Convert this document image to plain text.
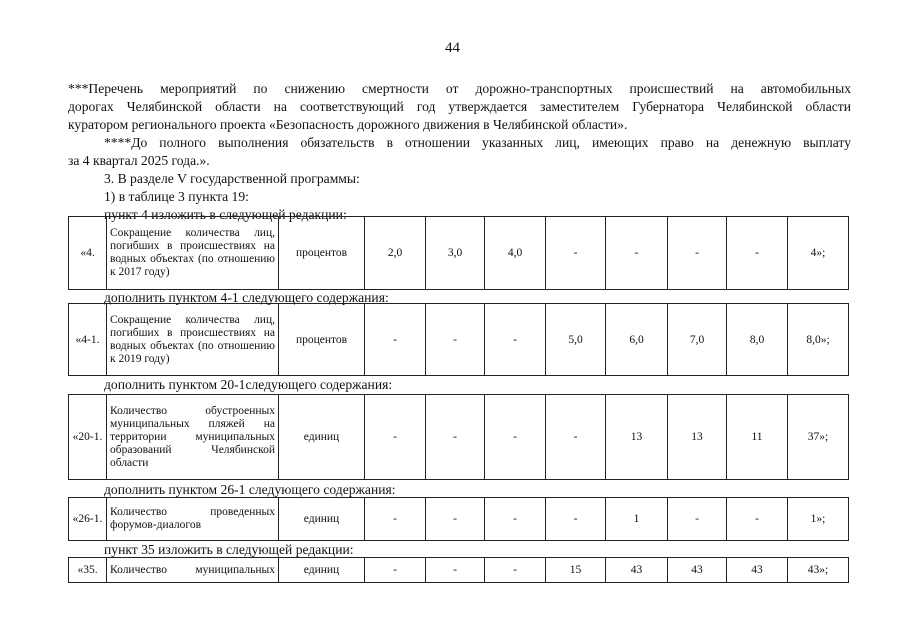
44
***Перечень мероприятий по снижению смертности от дорожно-транспортных происшествий на автомобильных
дорогах Челябинской области на соответствующий год утверждается заместителем Губернатора Челябинской области
куратором регионального проекта «Безопасность дорожного движения в Челябинской области».
****До полного выполнения обязательств в отношении указанных лиц, имеющих право на денежную выплату
за 4 квартал 2025 года.».
3. В разделе V государственной программы:
1) в таблице 3 пункта 19:
пункт 4 изложить в следующей редакции:
«4.	Сокращение количества лиц, погибших в происшествиях на водных объектах (по отношению к 2017 году)	процентов	2,0	3,0	4,0	-	-	-	-	4»;
дополнить пунктом 4-1 следующего содержания:
«4-1.	Сокращение количества лиц, погибших в происшествиях на водных объектах (по отношению к 2019 году)	процентов	-	-	-	5,0	6,0	7,0	8,0	8,0»;
дополнить пунктом 20-1следующего содержания:
«20-1.	Количество обустроенных муниципальных пляжей на территории муниципальных образований Челябинской области	единиц	-	-	-	-	13	13	11	37»;
дополнить пунктом 26-1 следующего содержания:
«26-1.	Количество проведенных форумов-диалогов	единиц	-	-	-	-	1	-	-	1»;
пункт 35 изложить в следующей редакции:
«35.	Количество муниципальных	единиц	-	-	-	15	43	43	43	43»;
